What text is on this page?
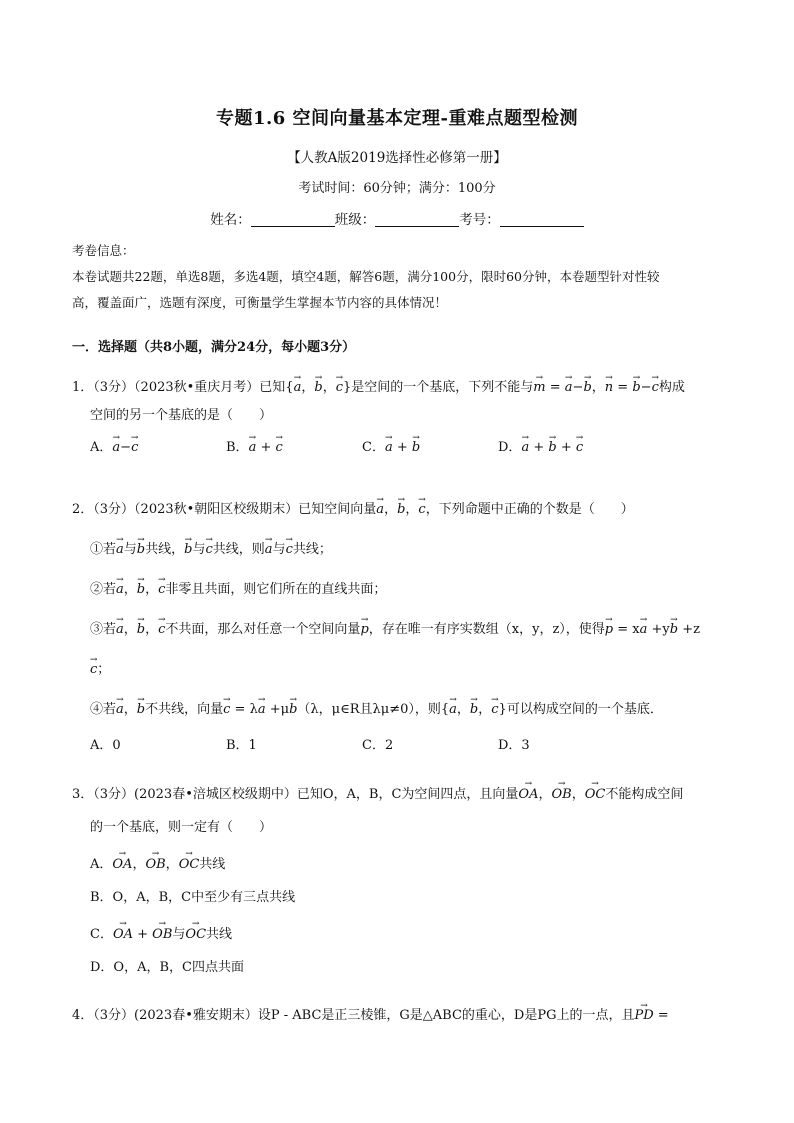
专题1.6 空间向量基本定理-重难点题型检测
【人教A版2019选择性必修第一册】
考试时间：60分钟；满分：100分
姓名：	班级：	考号：
考卷信息：
本卷试题共22题，单选8题，多选4题，填空4题，解答6题，满分100分，限时60分钟，本卷题型针对性较
高，覆盖面广，选题有深度，可衡量学生掌握本节内容的具体情况！
一．选择题（共8小题，满分24分，每小题3分）
1．（3分）（2023秋•重庆月考）已知{→ a，→ b，→ c}是空间的一个基底，下列不能与→ m = → a−→ b，→ n = → b−→ c构成
空间的另一个基底的是（　　）
A．→ a−→ c	B．→ a + → c	C．→ a + → b	D．→ a + → b + → c
2．（3分）（2023秋•朝阳区校级期末）已知空间向量→ a，→ b，→ c，下列命题中正确的个数是（　　）
①若→ a与→ b共线，→ b与→ c共线，则→ a与→ c共线；
②若→ a，→ b，→ c非零且共面，则它们所在的直线共面；
③若→ a，→ b，→ c不共面，那么对任意一个空间向量→ p，存在唯一有序实数组（x，y，z），使得→ p = x→ a +y→ b +z
→ c；
④若→ a，→ b不共线，向量→ c = λ→ a +μ→ b（λ，μ∈R且λμ≠0），则{→ a，→ b，→ c}可以构成空间的一个基底．
A．0	B．1	C．2	D．3
3．（3分）(2023春•涪城区校级期中）已知O，A，B，C为空间四点，且向量→ OA，→ OB，→ OC不能构成空间
的一个基底，则一定有（　　）
A．→ OA，→ OB，→ OC共线
B．O，A，B，C中至少有三点共线
C．→ OA + → OB与→ OC共线
D．O，A，B，C四点共面
4．（3分）(2023春•雅安期末）设P - ABC是正三棱锥，G是△ABC的重心，D是PG上的一点，且→ PD =
